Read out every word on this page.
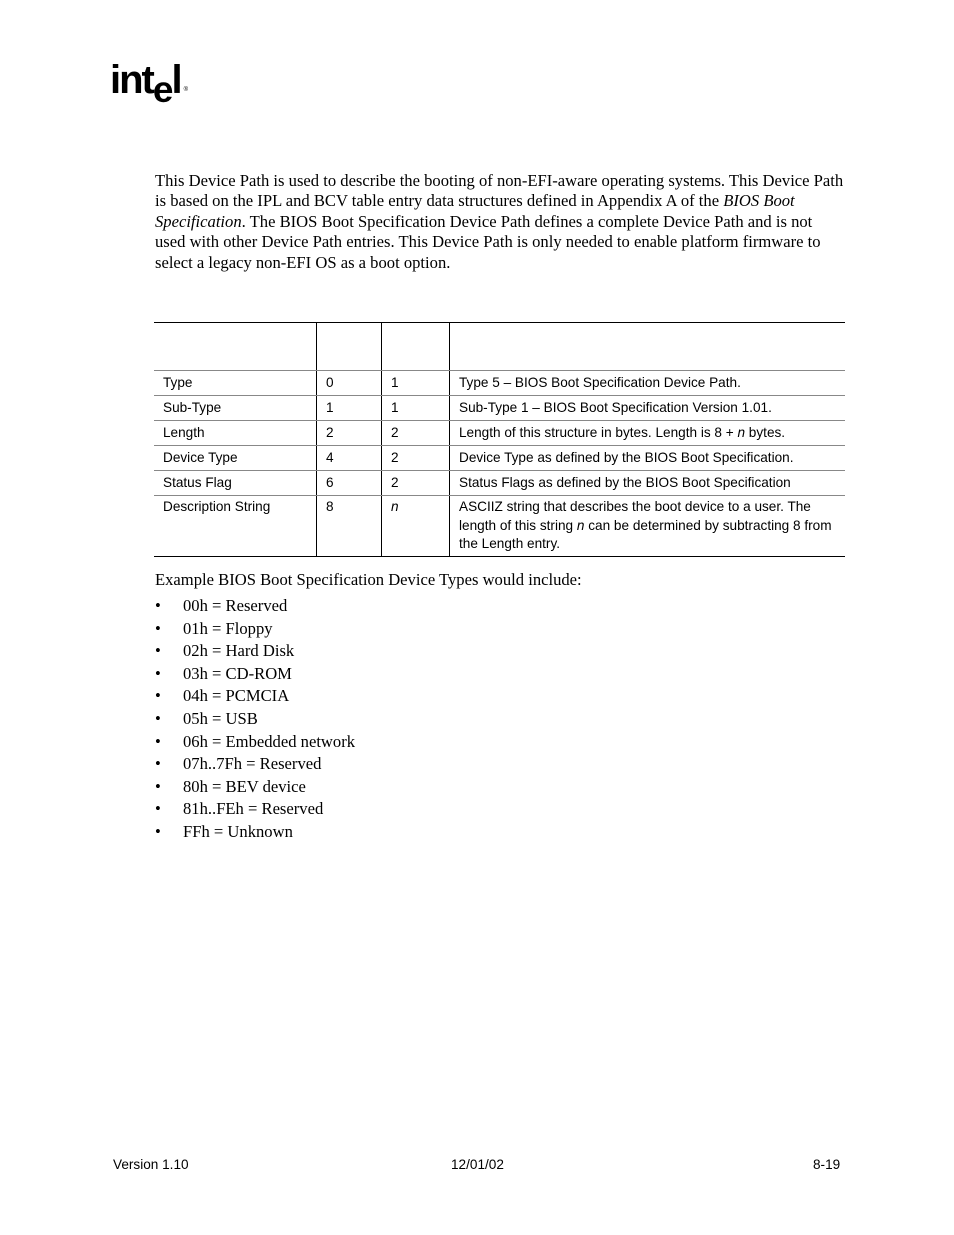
intel ®

This Device Path is used to describe the booting of non-EFI-aware operating systems. This Device Path is based on the IPL and BCV table entry data structures defined in Appendix A of the BIOS Boot Specification. The BIOS Boot Specification Device Path defines a complete Device Path and is not used with other Device Path entries. This Device Path is only needed to enable platform firmware to select a legacy non-EFI OS as a boot option.

Type	0	1	Type 5 – BIOS Boot Specification Device Path.
Sub-Type	1	1	Sub-Type 1 – BIOS Boot Specification Version 1.01.
Length	2	2	Length of this structure in bytes. Length is 8 + n bytes.
Device Type	4	2	Device Type as defined by the BIOS Boot Specification.
Status Flag	6	2	Status Flags as defined by the BIOS Boot Specification
Description String	8	n	ASCIIZ string that describes the boot device to a user. The length of this string n can be determined by subtracting 8 from the Length entry.

Example BIOS Boot Specification Device Types would include:

•	00h = Reserved
•	01h = Floppy
•	02h = Hard Disk
•	03h = CD-ROM
•	04h = PCMCIA
•	05h = USB
•	06h = Embedded network
•	07h..7Fh = Reserved
•	80h = BEV device
•	81h..FEh = Reserved
•	FFh = Unknown
Version 1.10	12/01/02	8-19
